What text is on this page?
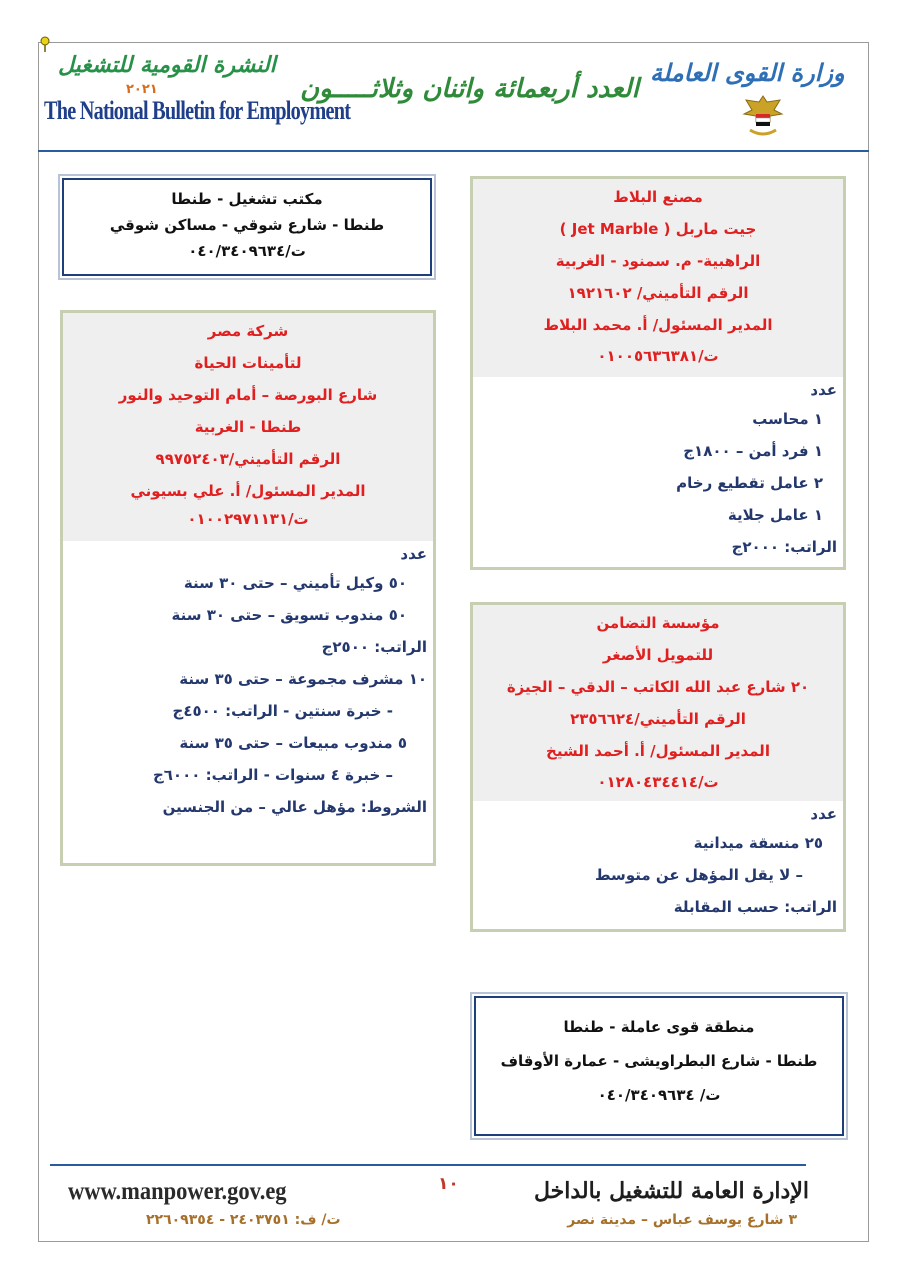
النشرة القومية للتشغيل
٢٠٢١
The National Bulletin for Employment
العدد أربعمائة واثنان وثلاثـــــون
وزارة القوى العاملة
مكتب تشغيل - طنطا
طنطا - شارع شوقي - مساكن شوقي
ت/٠٤٠/٣٤٠٩٦٣٤
شركة مصر
لتأمينات الحياة
شارع البورصة – أمام التوحيد والنور
طنطا - الغربية
الرقم التأميني/٩٩٧٥٢٤٠٣
المدير المسئول/ أ. علي بسيوني
ت/٠١٠٠٢٩٧١١٣١
عدد
٥٠ وكيل تأميني – حتى ٣٠ سنة
٥٠ مندوب تسويق – حتى ٣٠ سنة
الراتب: ٢٥٠٠ج
١٠ مشرف مجموعة – حتى ٣٥ سنة
- خبرة سنتين - الراتب: ٤٥٠٠ج
٥ مندوب مبيعات – حتى ٣٥ سنة
– خبرة ٤ سنوات - الراتب: ٦٠٠٠ج
الشروط: مؤهل عالي – من الجنسين
مصنع البلاط
جيت ماربل ( Jet Marble )
الراهبية- م. سمنود - الغربية
الرقم التأميني/ ١٩٢١٦٠٢
المدير المسئول/ أ. محمد البلاط
ت/٠١٠٠٥٦٣٦٣٨١
عدد
١ محاسب
١ فرد أمن – ١٨٠٠ج
٢ عامل تقطيع رخام
١ عامل جلاية
الراتب: ٢٠٠٠ج
مؤسسة التضامن
للتمويل الأصغر
٢٠ شارع عبد الله الكاتب – الدقي – الجيزة
الرقم التأميني/٢٣٥٦٦٢٤
المدير المسئول/ أ. أحمد الشيخ
ت/٠١٢٨٠٤٣٤٤١٤
عدد
٢٥ منسقة ميدانية
– لا يقل المؤهل عن متوسط
الراتب: حسب المقابلة
منطقة قوى عاملة - طنطا
طنطا - شارع البطراويشى - عمارة الأوقاف
ت/ ٠٤٠/٣٤٠٩٦٣٤
www.manpower.gov.eg	١٠	الإدارة العامة للتشغيل بالداخل
٣ شارع يوسف عباس – مدينة نصر
ت/ ف: ٢٤٠٣٧٥١ - ٢٢٦٠٩٣٥٤
